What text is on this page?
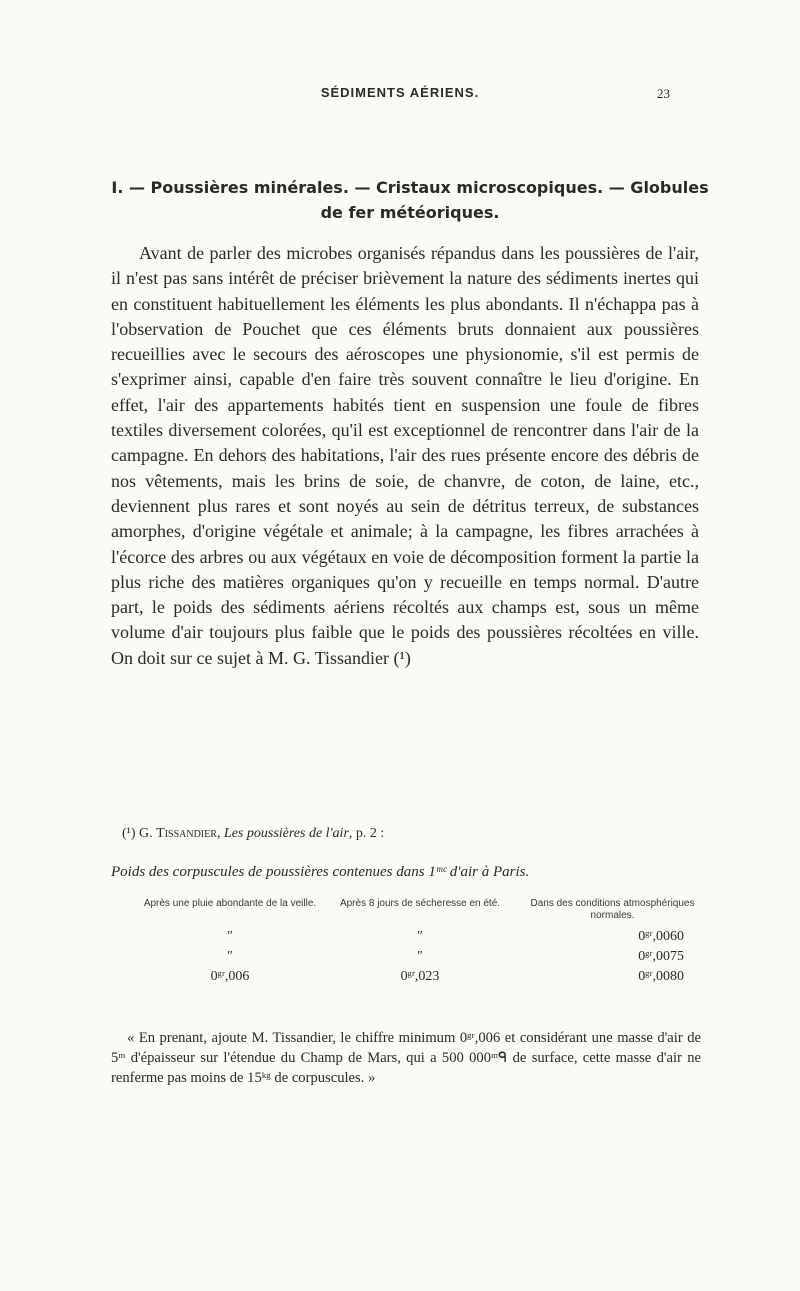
SÉDIMENTS AÉRIENS.	23
I. — Poussières minérales. — Cristaux microscopiques. — Globules de fer météoriques.

Avant de parler des microbes organisés répandus dans les poussières de l'air, il n'est pas sans intérêt de préciser brièvement la nature des sédiments inertes qui en constituent habituellement les éléments les plus abondants. Il n'échappa pas à l'observation de Pouchet que ces éléments bruts donnaient aux poussières recueillies avec le secours des aéroscopes une physionomie, s'il est permis de s'exprimer ainsi, capable d'en faire très souvent connaître le lieu d'origine. En effet, l'air des appartements habités tient en suspension une foule de fibres textiles diversement colorées, qu'il est exceptionnel de rencontrer dans l'air de la campagne. En dehors des habitations, l'air des rues présente encore des débris de nos vêtements, mais les brins de soie, de chanvre, de coton, de laine, etc., deviennent plus rares et sont noyés au sein de détritus terreux, de substances amorphes, d'origine végétale et animale; à la campagne, les fibres arrachées à l'écorce des arbres ou aux végétaux en voie de décomposition forment la partie la plus riche des matières organiques qu'on y recueille en temps normal. D'autre part, le poids des sédiments aériens récoltés aux champs est, sous un même volume d'air toujours plus faible que le poids des poussières récoltées en ville. On doit sur ce sujet à M. G. Tissandier (¹)

(¹) G. Tissandier, Les poussières de l'air, p. 2 :
Poids des corpuscules de poussières contenues dans 1ᵐᶜ d'air à Paris.
Après une pluie abondante de la veille.	Après 8 jours de sécheresse en été.	Dans des conditions atmosphériques normales.
″	″	0ᵍʳ,0060
″	″	0ᵍʳ,0075
0ᵍʳ,006	0ᵍʳ,023	0ᵍʳ,0080

« En prenant, ajoute M. Tissandier, le chiffre minimum 0ᵍʳ,006 et considérant une masse d'air de 5ᵐ d'épaisseur sur l'étendue du Champ de Mars, qui a 500 000ᵐᑫ de surface, cette masse d'air ne renferme pas moins de 15ᵏᵍ de corpuscules. »
